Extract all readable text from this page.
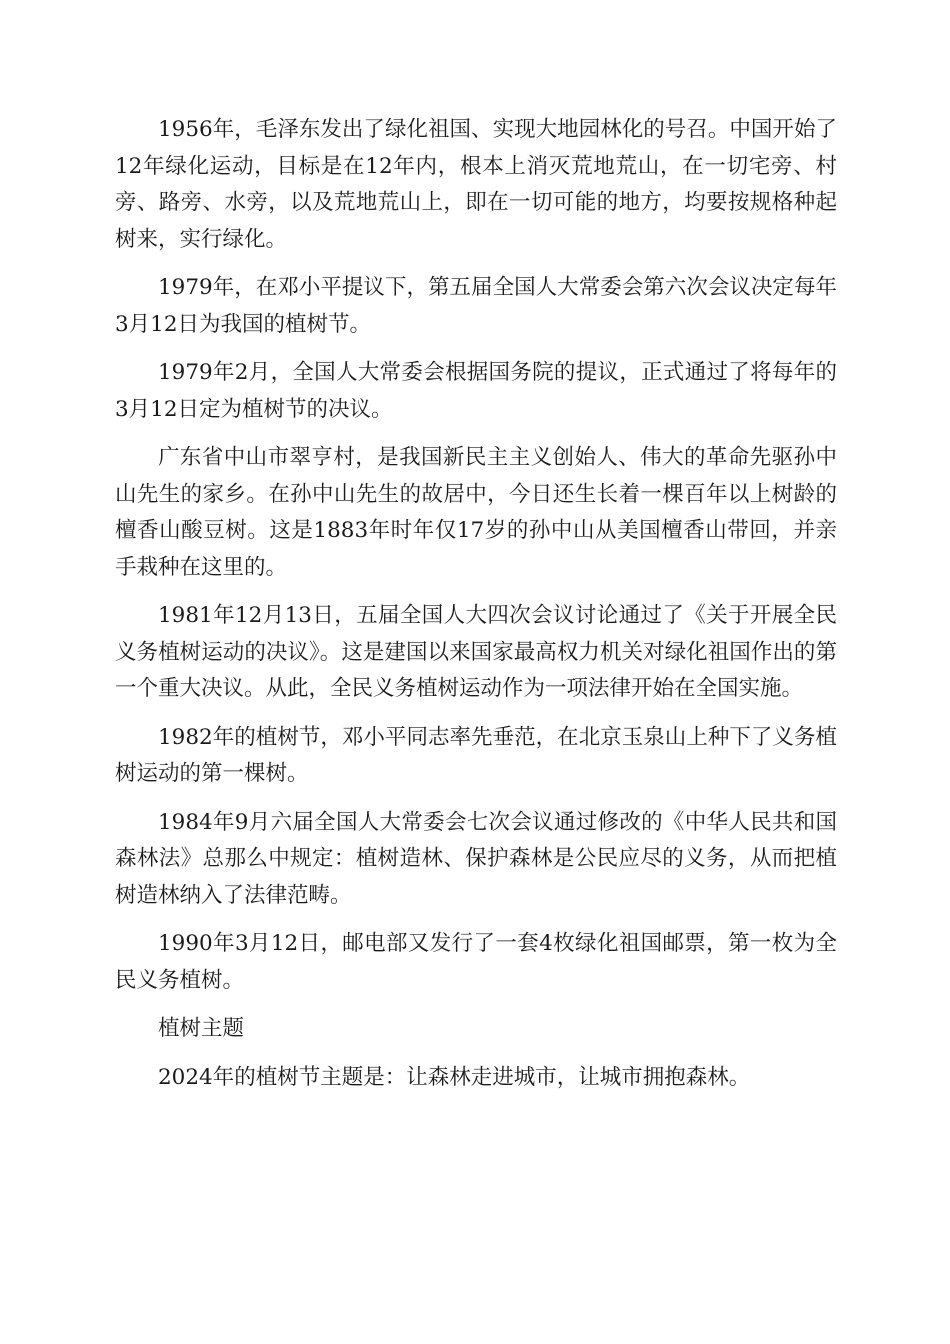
1956年，毛泽东发出了绿化祖国、实现大地园林化的号召。中国开始了12年绿化运动，目标是在12年内，根本上消灭荒地荒山，在一切宅旁、村旁、路旁、水旁，以及荒地荒山上，即在一切可能的地方，均要按规格种起树来，实行绿化。

1979年，在邓小平提议下，第五届全国人大常委会第六次会议决定每年3月12日为我国的植树节。

1979年2月，全国人大常委会根据国务院的提议，正式通过了将每年的3月12日定为植树节的决议。

广东省中山市翠亨村，是我国新民主主义创始人、伟大的革命先驱孙中山先生的家乡。在孙中山先生的故居中，今日还生长着一棵百年以上树龄的檀香山酸豆树。这是1883年时年仅17岁的孙中山从美国檀香山带回，并亲手栽种在这里的。

1981年12月13日，五届全国人大四次会议讨论通过了《关于开展全民义务植树运动的决议》。这是建国以来国家最高权力机关对绿化祖国作出的第一个重大决议。从此，全民义务植树运动作为一项法律开始在全国实施。

1982年的植树节，邓小平同志率先垂范，在北京玉泉山上种下了义务植树运动的第一棵树。

1984年9月六届全国人大常委会七次会议通过修改的《中华人民共和国森林法》总那么中规定：植树造林、保护森林是公民应尽的义务，从而把植树造林纳入了法律范畴。

1990年3月12日，邮电部又发行了一套4枚绿化祖国邮票，第一枚为全民义务植树。

植树主题

2024年的植树节主题是：让森林走进城市，让城市拥抱森林。
